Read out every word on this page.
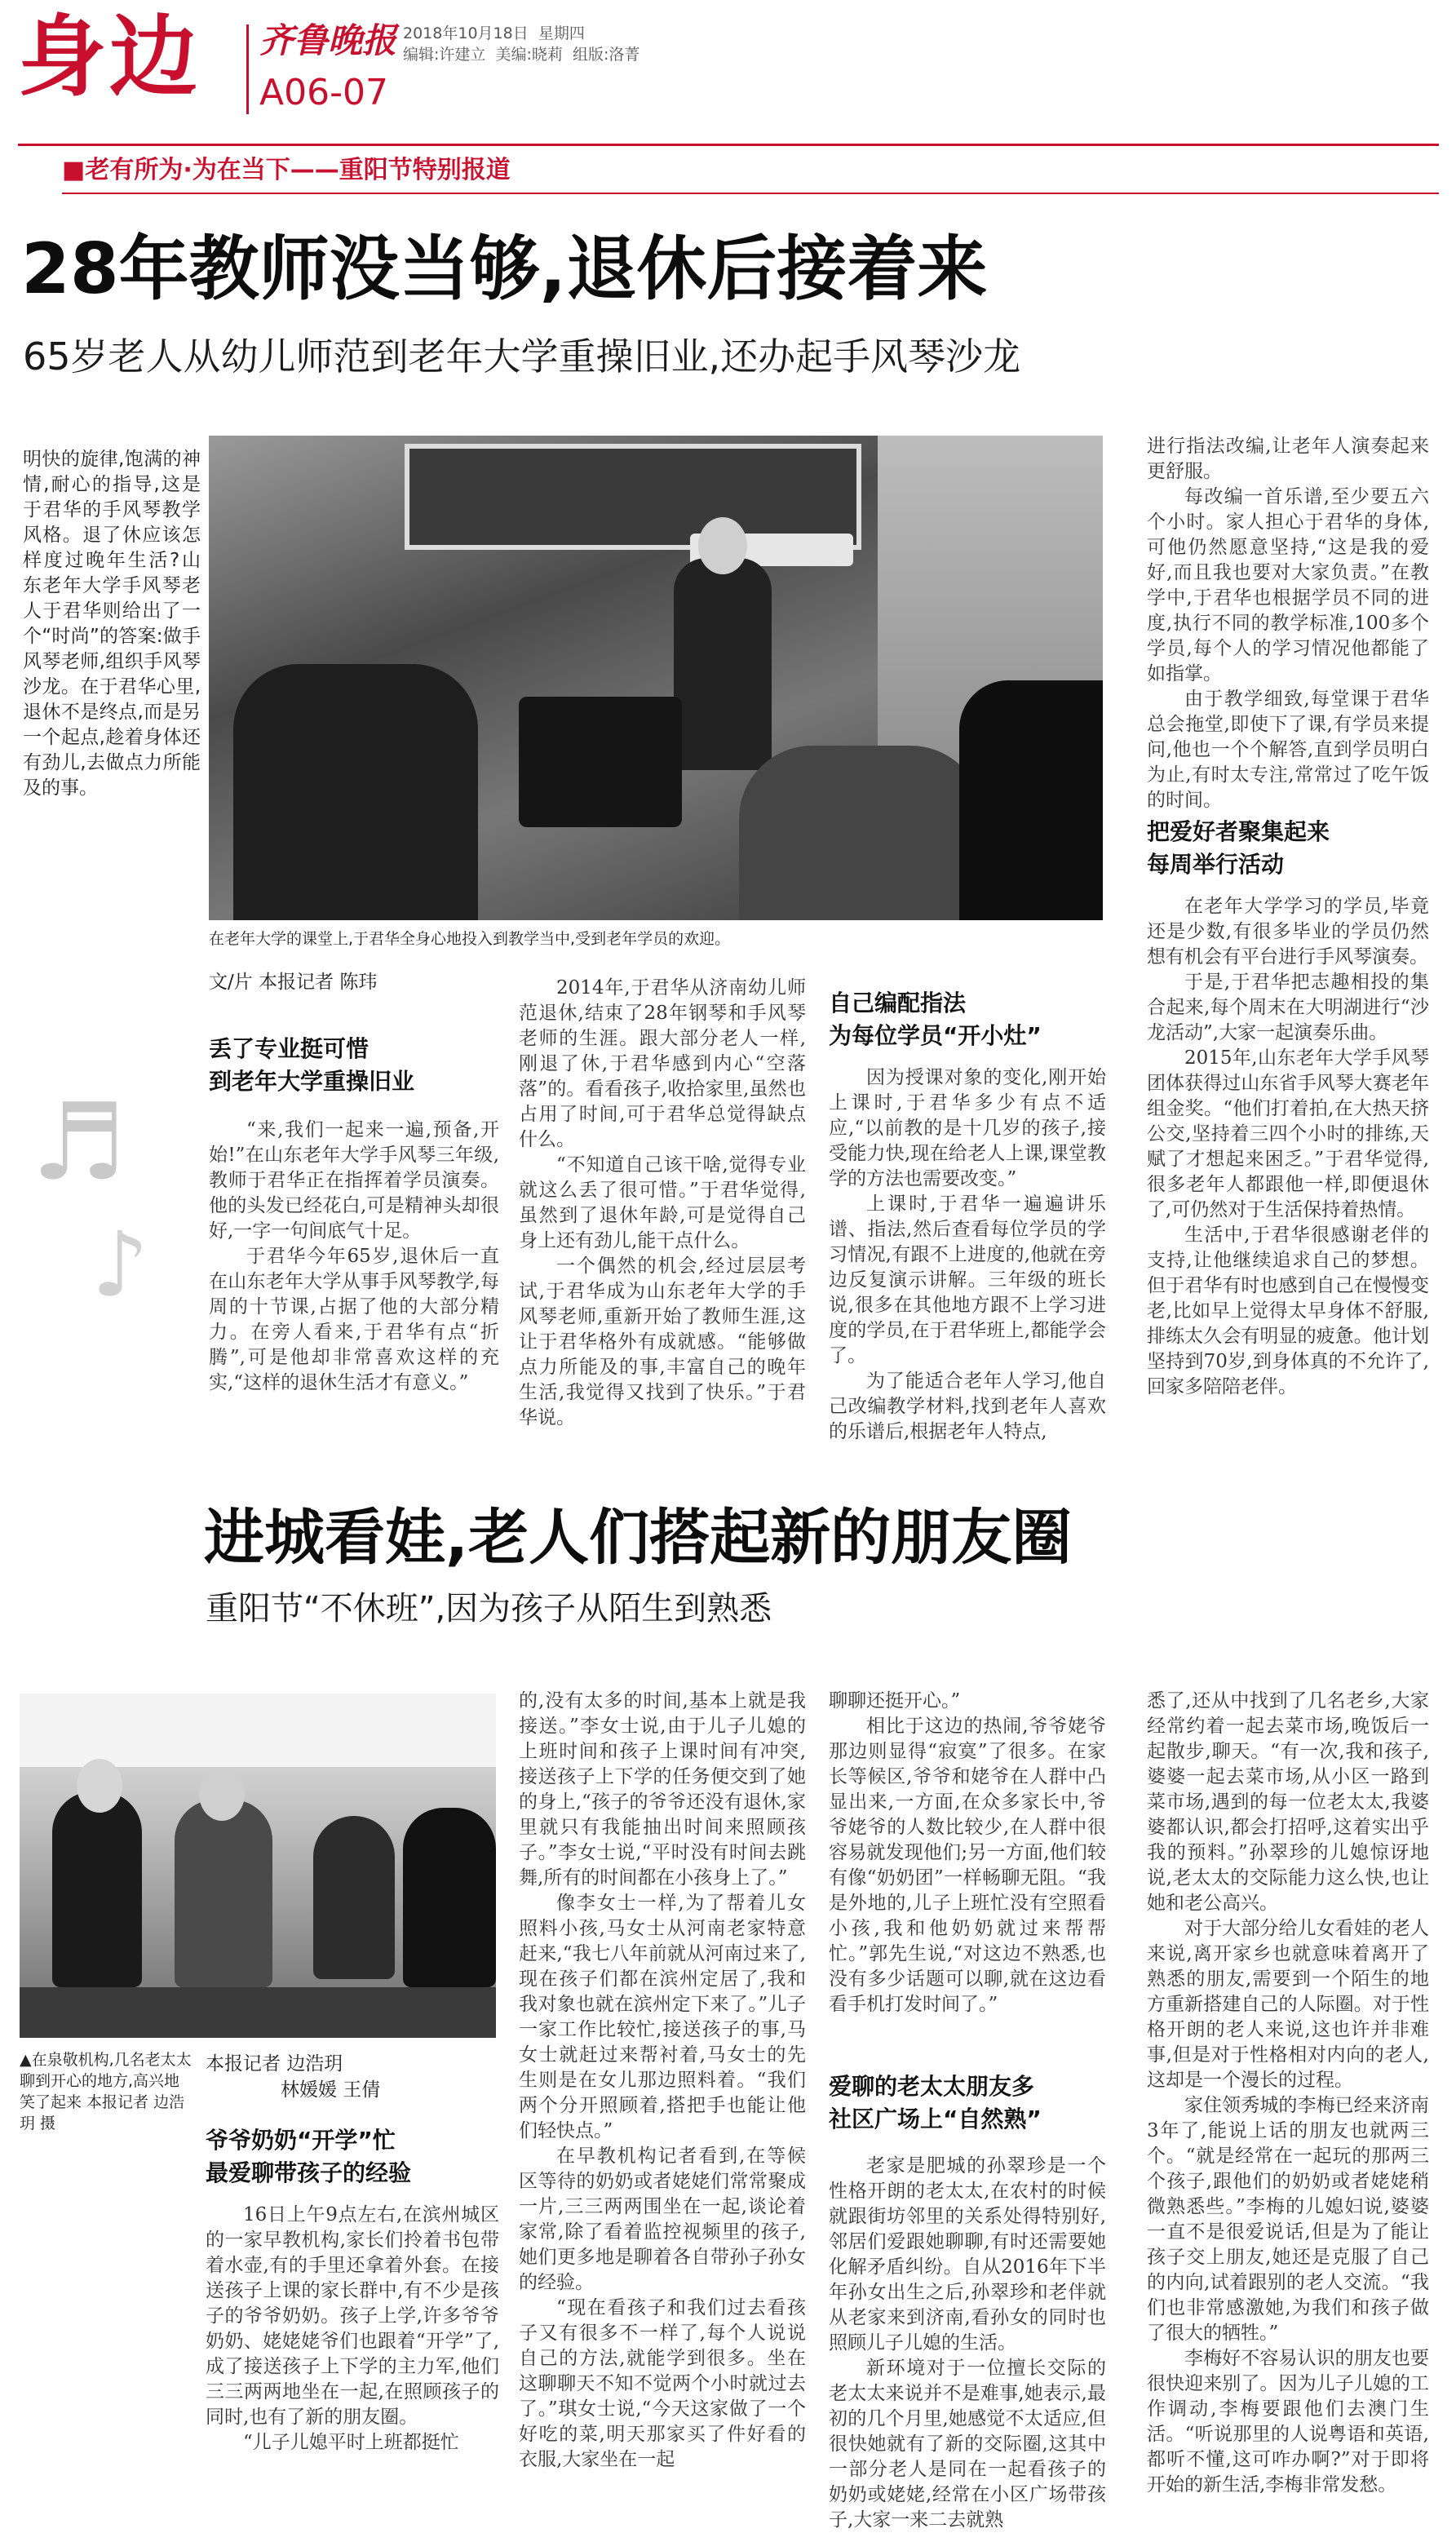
身边 齐鲁晚报
A06-07
2018年10月18日 星期四
编辑:许建立 美编:晓莉 组版:洛菁
■老有所为·为在当下——重阳节特别报道
28年教师没当够,退休后接着来
65岁老人从幼儿师范到老年大学重操旧业,还办起手风琴沙龙
明快的旋律,饱满的神情,耐心的指导,这是于君华的手风琴教学风格。退了休应该怎样度过晚年生活?山东老年大学手风琴老人于君华则给出了一个“时尚”的答案:做手风琴老师,组织手风琴沙龙。在于君华心里,退休不是终点,而是另一个起点,趁着身体还有劲儿,去做点力所能及的事。
在老年大学的课堂上,于君华全身心地投入到教学当中,受到老年学员的欢迎。
文/片 本报记者 陈玮
丢了专业挺可惜
到老年大学重操旧业

“来,我们一起来一遍,预备,开始!”在山东老年大学手风琴三年级,教师于君华正在指挥着学员演奏。他的头发已经花白,可是精神头却很好,一字一句间底气十足。

于君华今年65岁,退休后一直在山东老年大学从事手风琴教学,每周的十节课,占据了他的大部分精力。在旁人看来,于君华有点“折腾”,可是他却非常喜欢这样的充实,“这样的退休生活才有意义。”

♬
♪

2014年,于君华从济南幼儿师范退休,结束了28年钢琴和手风琴老师的生涯。跟大部分老人一样,刚退了休,于君华感到内心“空落落”的。看看孩子,收拾家里,虽然也占用了时间,可于君华总觉得缺点什么。

“不知道自己该干啥,觉得专业就这么丢了很可惜。”于君华觉得,虽然到了退休年龄,可是觉得自己身上还有劲儿,能干点什么。

一个偶然的机会,经过层层考试,于君华成为山东老年大学的手风琴老师,重新开始了教师生涯,这让于君华格外有成就感。“能够做点力所能及的事,丰富自己的晚年生活,我觉得又找到了快乐。”于君华说。

自己编配指法
为每位学员“开小灶”

因为授课对象的变化,刚开始上课时,于君华多少有点不适应,“以前教的是十几岁的孩子,接受能力快,现在给老人上课,课堂教学的方法也需要改变。”

上课时,于君华一遍遍讲乐谱、指法,然后查看每位学员的学习情况,有跟不上进度的,他就在旁边反复演示讲解。三年级的班长说,很多在其他地方跟不上学习进度的学员,在于君华班上,都能学会了。

为了能适合老年人学习,他自己改编教学材料,找到老年人喜欢的乐谱后,根据老年人特点,

进行指法改编,让老年人演奏起来更舒服。

每改编一首乐谱,至少要五六个小时。家人担心于君华的身体,可他仍然愿意坚持,“这是我的爱好,而且我也要对大家负责。”在教学中,于君华也根据学员不同的进度,执行不同的教学标准,100多个学员,每个人的学习情况他都能了如指掌。

由于教学细致,每堂课于君华总会拖堂,即使下了课,有学员来提问,他也一个个解答,直到学员明白为止,有时太专注,常常过了吃午饭的时间。

把爱好者聚集起来
每周举行活动

在老年大学学习的学员,毕竟还是少数,有很多毕业的学员仍然想有机会有平台进行手风琴演奏。

于是,于君华把志趣相投的集合起来,每个周末在大明湖进行“沙龙活动”,大家一起演奏乐曲。

2015年,山东老年大学手风琴团体获得过山东省手风琴大赛老年组金奖。“他们打着拍,在大热天挤公交,坚持着三四个小时的排练,天赋了才想起来困乏。”于君华觉得,很多老年人都跟他一样,即便退休了,可仍然对于生活保持着热情。

生活中,于君华很感谢老伴的支持,让他继续追求自己的梦想。但于君华有时也感到自己在慢慢变老,比如早上觉得太早身体不舒服,排练太久会有明显的疲惫。他计划坚持到70岁,到身体真的不允许了,回家多陪陪老伴。

进城看娃,老人们搭起新的朋友圈
重阳节“不休班”,因为孩子从陌生到熟悉
▲在泉敬机构,几名老太太聊到开心的地方,高兴地笑了起来 本报记者 边浩玥 摄
本报记者 边浩玥
林媛媛 王倩
爷爷奶奶“开学”忙
最爱聊带孩子的经验

16日上午9点左右,在滨州城区的一家早教机构,家长们拎着书包带着水壶,有的手里还拿着外套。在接送孩子上课的家长群中,有不少是孩子的爷爷奶奶。孩子上学,许多爷爷奶奶、姥姥姥爷们也跟着“开学”了,成了接送孩子上下学的主力军,他们三三两两地坐在一起,在照顾孩子的同时,也有了新的朋友圈。

“儿子儿媳平时上班都挺忙

的,没有太多的时间,基本上就是我接送。”李女士说,由于儿子儿媳的上班时间和孩子上课时间有冲突,接送孩子上下学的任务便交到了她的身上,“孩子的爷爷还没有退休,家里就只有我能抽出时间来照顾孩子。”李女士说,“平时没有时间去跳舞,所有的时间都在小孩身上了。”

像李女士一样,为了帮着儿女照料小孩,马女士从河南老家特意赶来,“我七八年前就从河南过来了,现在孩子们都在滨州定居了,我和我对象也就在滨州定下来了。”儿子一家工作比较忙,接送孩子的事,马女士就赶过来帮衬着,马女士的先生则是在女儿那边照料着。“我们两个分开照顾着,搭把手也能让他们轻快点。”

在早教机构记者看到,在等候区等待的奶奶或者姥姥们常常聚成一片,三三两两围坐在一起,谈论着家常,除了看着监控视频里的孩子,她们更多地是聊着各自带孙子孙女的经验。

“现在看孩子和我们过去看孩子又有很多不一样了,每个人说说自己的方法,就能学到很多。坐在这聊聊天不知不觉两个小时就过去了。”琪女士说,“今天这家做了一个好吃的菜,明天那家买了件好看的衣服,大家坐在一起

聊聊还挺开心。”

相比于这边的热闹,爷爷姥爷那边则显得“寂寞”了很多。在家长等候区,爷爷和姥爷在人群中凸显出来,一方面,在众多家长中,爷爷姥爷的人数比较少,在人群中很容易就发现他们;另一方面,他们较有像“奶奶团”一样畅聊无阻。“我是外地的,儿子上班忙没有空照看小孩,我和他奶奶就过来帮帮忙。”郭先生说,“对这边不熟悉,也没有多少话题可以聊,就在这边看看手机打发时间了。”

爱聊的老太太朋友多
社区广场上“自然熟”

老家是肥城的孙翠珍是一个性格开朗的老太太,在农村的时候就跟街坊邻里的关系处得特别好,邻居们爱跟她聊聊,有时还需要她化解矛盾纠纷。自从2016年下半年孙女出生之后,孙翠珍和老伴就从老家来到济南,看孙女的同时也照顾儿子儿媳的生活。

新环境对于一位擅长交际的老太太来说并不是难事,她表示,最初的几个月里,她感觉不太适应,但很快她就有了新的交际圈,这其中一部分老人是同在一起看孩子的奶奶或姥姥,经常在小区广场带孩子,大家一来二去就熟

悉了,还从中找到了几名老乡,大家经常约着一起去菜市场,晚饭后一起散步,聊天。“有一次,我和孩子,婆婆一起去菜市场,从小区一路到菜市场,遇到的每一位老太太,我婆婆都认识,都会打招呼,这着实出乎我的预料。”孙翠珍的儿媳惊讶地说,老太太的交际能力这么快,也让她和老公高兴。

对于大部分给儿女看娃的老人来说,离开家乡也就意味着离开了熟悉的朋友,需要到一个陌生的地方重新搭建自己的人际圈。对于性格开朗的老人来说,这也许并非难事,但是对于性格相对内向的老人,这却是一个漫长的过程。

家住领秀城的李梅已经来济南3年了,能说上话的朋友也就两三个。“就是经常在一起玩的那两三个孩子,跟他们的奶奶或者姥姥稍微熟悉些。”李梅的儿媳妇说,婆婆一直不是很爱说话,但是为了能让孩子交上朋友,她还是克服了自己的内向,试着跟别的老人交流。“我们也非常感激她,为我们和孩子做了很大的牺牲。”

李梅好不容易认识的朋友也要很快迎来别了。因为儿子儿媳的工作调动,李梅要跟他们去澳门生活。“听说那里的人说粤语和英语,都听不懂,这可咋办啊?”对于即将开始的新生活,李梅非常发愁。
